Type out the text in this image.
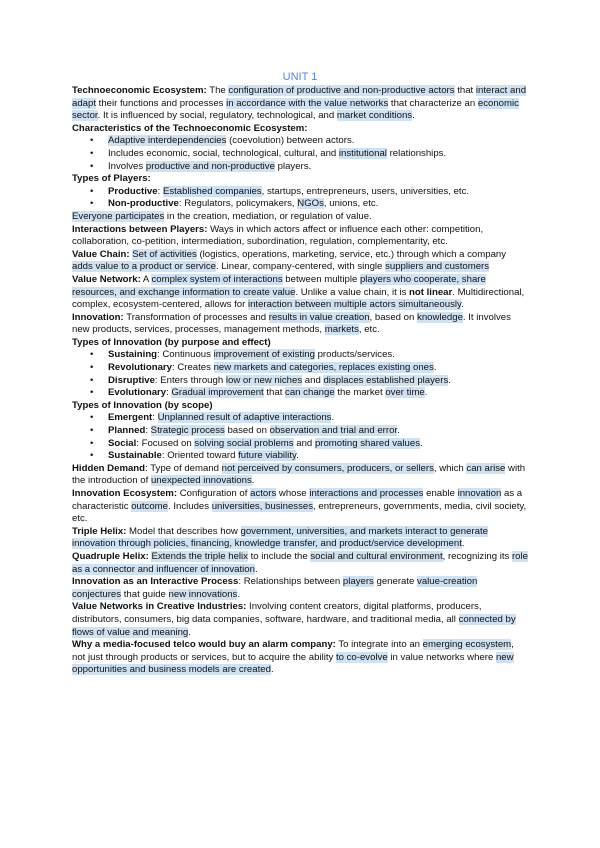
UNIT 1
Technoeconomic Ecosystem: The configuration of productive and non-productive actors that interact and adapt their functions and processes in accordance with the value networks that characterize an economic sector. It is influenced by social, regulatory, technological, and market conditions.
Characteristics of the Technoeconomic Ecosystem:
• Adaptive interdependencies (coevolution) between actors.
• Includes economic, social, technological, cultural, and institutional relationships.
• Involves productive and non-productive players.
Types of Players:
• Productive: Established companies, startups, entrepreneurs, users, universities, etc.
• Non-productive: Regulators, policymakers, NGOs, unions, etc.
Everyone participates in the creation, mediation, or regulation of value.
Interactions between Players: Ways in which actors affect or influence each other: competition, collaboration, co-petition, intermediation, subordination, regulation, complementarity, etc.
Value Chain: Set of activities (logistics, operations, marketing, service, etc.) through which a company adds value to a product or service. Linear, company-centered, with single suppliers and customers
Value Network: A complex system of interactions between multiple players who cooperate, share resources, and exchange information to create value. Unlike a value chain, it is not linear. Multidirectional, complex, ecosystem-centered, allows for interaction between multiple actors simultaneously.
Innovation: Transformation of processes and results in value creation, based on knowledge. It involves new products, services, processes, management methods, markets, etc.
Types of Innovation (by purpose and effect)
• Sustaining: Continuous improvement of existing products/services.
• Revolutionary: Creates new markets and categories, replaces existing ones.
• Disruptive: Enters through low or new niches and displaces established players.
• Evolutionary: Gradual improvement that can change the market over time.
Types of Innovation (by scope)
• Emergent: Unplanned result of adaptive interactions.
• Planned: Strategic process based on observation and trial and error.
• Social: Focused on solving social problems and promoting shared values.
• Sustainable: Oriented toward future viability.
Hidden Demand: Type of demand not perceived by consumers, producers, or sellers, which can arise with the introduction of unexpected innovations.
Innovation Ecosystem: Configuration of actors whose interactions and processes enable innovation as a characteristic outcome. Includes universities, businesses, entrepreneurs, governments, media, civil society, etc.
Triple Helix: Model that describes how government, universities, and markets interact to generate innovation through policies, financing, knowledge transfer, and product/service development.
Quadruple Helix: Extends the triple helix to include the social and cultural environment, recognizing its role as a connector and influencer of innovation.
Innovation as an Interactive Process: Relationships between players generate value-creation conjectures that guide new innovations.
Value Networks in Creative Industries: Involving content creators, digital platforms, producers, distributors, consumers, big data companies, software, hardware, and traditional media, all connected by flows of value and meaning.
Why a media-focused telco would buy an alarm company: To integrate into an emerging ecosystem, not just through products or services, but to acquire the ability to co-evolve in value networks where new opportunities and business models are created.
